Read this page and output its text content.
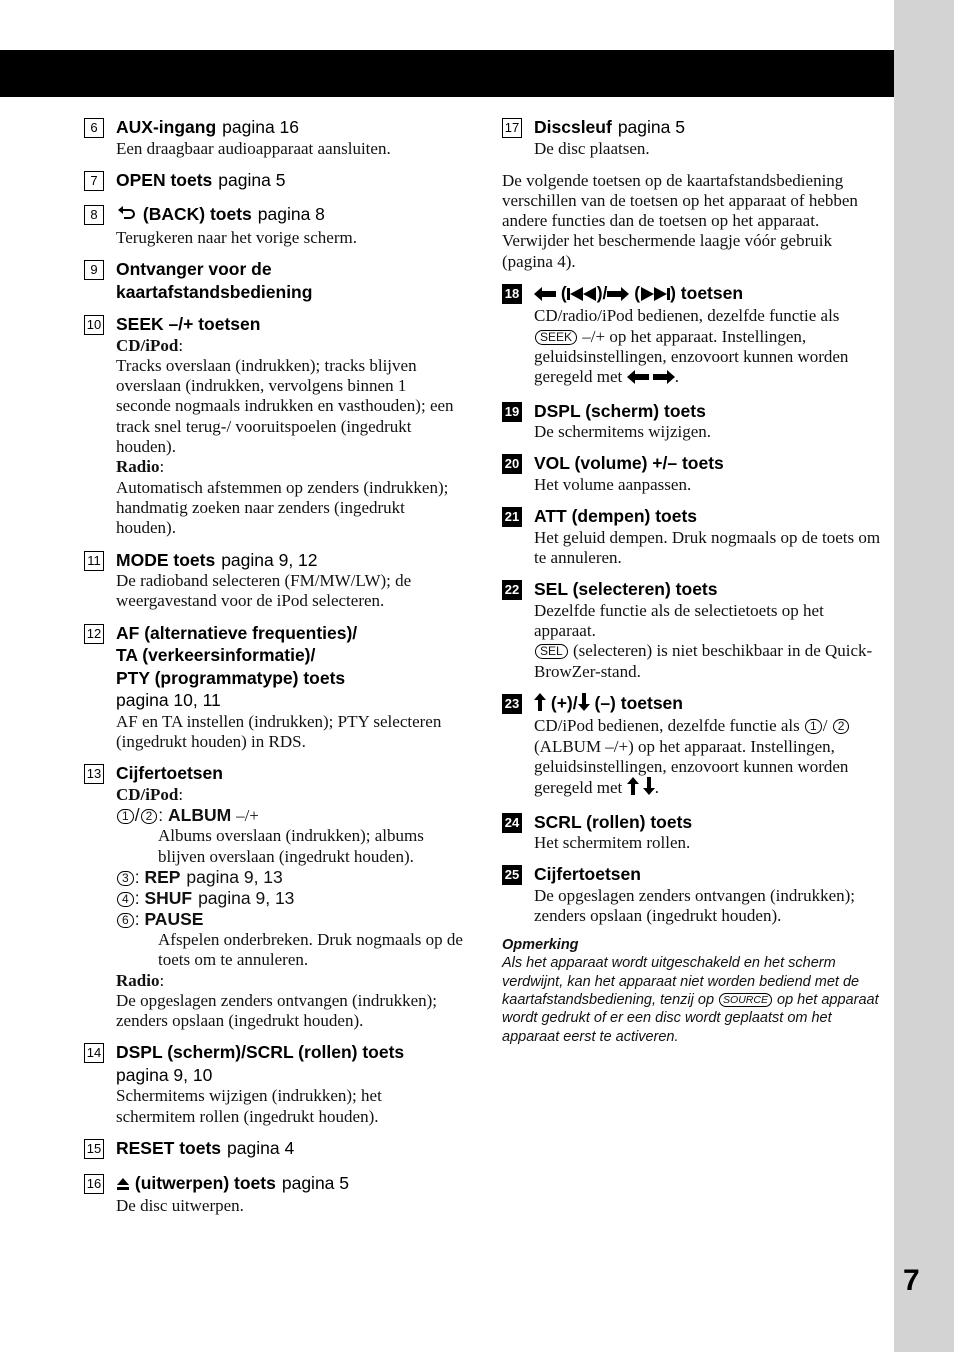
7
6	AUX-ingang pagina 16
Een draagbaar audioapparaat aansluiten.
7	OPEN toets pagina 5
8	(BACK) toets pagina 8
Terugkeren naar het vorige scherm.
9	Ontvanger voor de
kaartafstandsbediening
10 SEEK –/+ toetsen
CD/iPod:
Tracks overslaan (indrukken); tracks blijven overslaan (indrukken, vervolgens binnen 1 seconde nogmaals indrukken en vasthouden); een track snel terug-/ vooruitspoelen (ingedrukt houden).
Radio:
Automatisch afstemmen op zenders (indrukken); handmatig zoeken naar zenders (ingedrukt houden).
11 MODE toets pagina 9, 12
De radioband selecteren (FM/MW/LW); de weergavestand voor de iPod selecteren.
12 AF (alternatieve frequenties)/
TA (verkeersinformatie)/
PTY (programmatype) toets
pagina 10, 11
AF en TA instellen (indrukken); PTY selecteren (ingedrukt houden) in RDS.
13 Cijfertoetsen
CD/iPod:
1 / 2 : ALBUM –/+
Albums overslaan (indrukken); albums blijven overslaan (ingedrukt houden).
3 : REP pagina 9, 13
4 : SHUF pagina 9, 13
6 : PAUSE
Afspelen onderbreken. Druk nogmaals op de toets om te annuleren.
Radio:
De opgeslagen zenders ontvangen (indrukken); zenders opslaan (ingedrukt houden).
14 DSPL (scherm)/SCRL (rollen) toets
pagina 9, 10
Schermitems wijzigen (indrukken); het schermitem rollen (ingedrukt houden).
15 RESET toets pagina 4
16	(uitwerpen) toets pagina 5
De disc uitwerpen.
17 Discsleuf pagina 5
De disc plaatsen.
De volgende toetsen op de kaartafstandsbediening verschillen van de toetsen op het apparaat of hebben andere functies dan de toetsen op het apparaat. Verwijder het beschermende laagje vóór gebruik (pagina 4).
18	( )/ ( ) toetsen
CD/radio/iPod bedienen, dezelfde functie als SEEK –/+ op het apparaat. Instellingen, geluidsinstellingen, enzovoort kunnen worden geregeld met	.
19 DSPL (scherm) toets
De schermitems wijzigen.
20 VOL (volume) +/– toets
Het volume aanpassen.
21 ATT (dempen) toets
Het geluid dempen. Druk nogmaals op de toets om te annuleren.
22 SEL (selecteren) toets
Dezelfde functie als de selectietoets op het apparaat.
SEL (selecteren) is niet beschikbaar in de Quick-BrowZer-stand.
23	(+)/ (–) toetsen
CD/iPod bedienen, dezelfde functie als 1 / 2 (ALBUM –/+) op het apparaat. Instellingen, geluidsinstellingen, enzovoort kunnen worden geregeld met .
24 SCRL (rollen) toets
Het schermitem rollen.
25 Cijfertoetsen
De opgeslagen zenders ontvangen (indrukken); zenders opslaan (ingedrukt houden).
Opmerking
Als het apparaat wordt uitgeschakeld en het scherm verdwijnt, kan het apparaat niet worden bediend met de kaartafstandsbediening, tenzij op SOURCE op het apparaat wordt gedrukt of er een disc wordt geplaatst om het apparaat eerst te activeren.
